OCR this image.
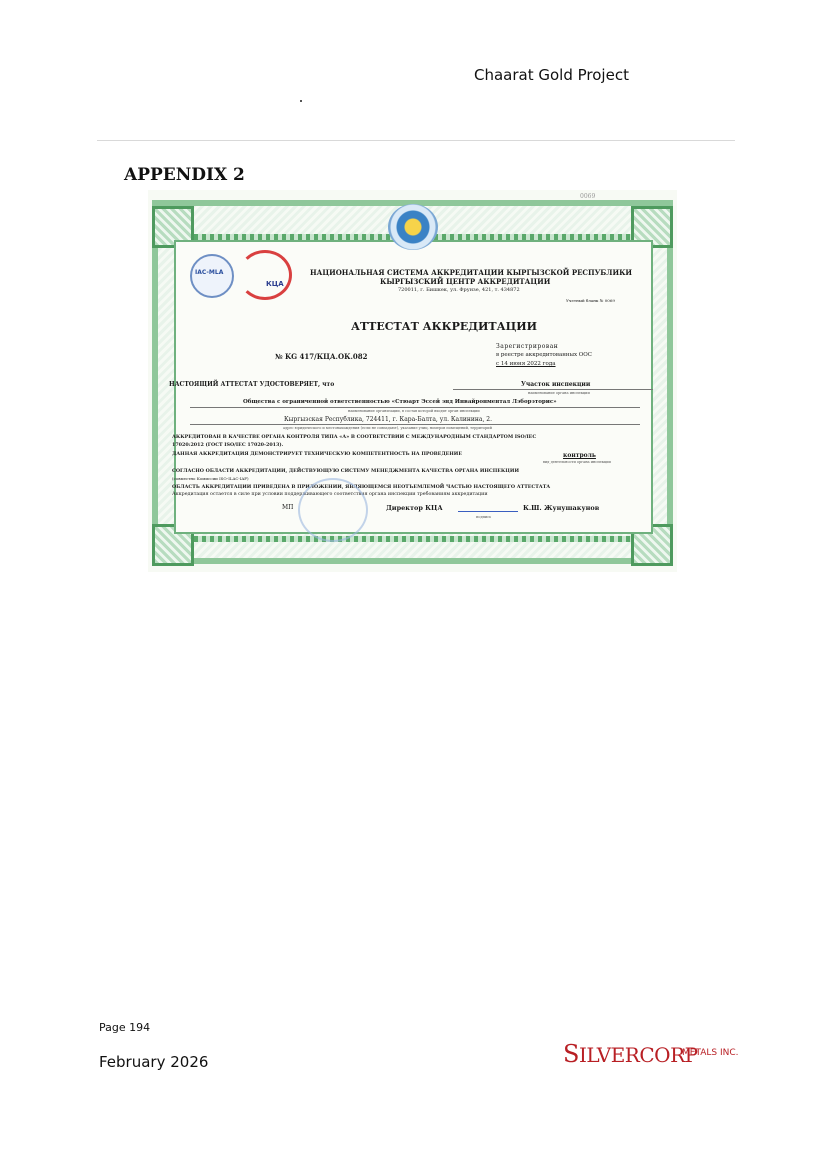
Chaarat Gold Project
APPENDIX 2
0069
IAC-MLA
КЦА
НАЦИОНАЛЬНАЯ СИСТЕМА АККРЕДИТАЦИИ КЫРГЫЗСКОЙ РЕСПУБЛИКИ
КЫРГЫЗСКИЙ ЦЕНТР АККРЕДИТАЦИИ
720011, г. Бишкек, ул. Фрунзе, 421, т. 434872
Учетный бланк № 0069
АТТЕСТАТ АККРЕДИТАЦИИ
№ KG 417/КЦА.ОК.082
Зарегистрирован
в реестре аккредитованных ООС
с 14 июня 2022 года
НАСТОЯЩИЙ АТТЕСТАТ УДОСТОВЕРЯЕТ, что	Участок инспекции
наименование органа инспекции
Общества с ограниченной ответственностью «Стюарт Эссей энд Инвайронментал Лэборэторис»
наименование организации, в состав которой входит орган инспекции
Кыргызская Республика, 724411, г. Кара-Балта, ул. Калинина, 2.
адрес юридического и местонахождения (если не совпадают), указание улиц, номеров помещений, территорий
АККРЕДИТОВАН В КАЧЕСТВЕ ОРГАНА КОНТРОЛЯ ТИПА «А» В СООТВЕТСТВИИ С МЕЖДУНАРОДНЫМ СТАНДАРТОМ ISO/IEC
17020:2012 (ГОСТ ISO/IEC 17020-2013).
ДАННАЯ АККРЕДИТАЦИЯ ДЕМОНСТРИРУЕТ ТЕХНИЧЕСКУЮ КОМПЕТЕНТНОСТЬ НА ПРОВЕДЕНИЕ	контроль
вид деятельности органа инспекции
СОГЛАСНО ОБЛАСТИ АККРЕДИТАЦИИ, ДЕЙСТВУЮЩУЮ СИСТЕМУ МЕНЕДЖМЕНТА КАЧЕСТВА ОРГАНА ИНСПЕКЦИИ
(совместно Комиссии ISO-ILAC-IAF)
ОБЛАСТЬ АККРЕДИТАЦИИ ПРИВЕДЕНА В ПРИЛОЖЕНИИ, ЯВЛЯЮЩЕМСЯ НЕОТЪЕМЛЕМОЙ ЧАСТЬЮ НАСТОЯЩЕГО АТТЕСТАТА
Аккредитация остается в силе при условии поддерживающего соответствия органа инспекции требованиям аккредитации
МП	Директор КЦА
подпись
К.Ш. Жунушакунов
Page 194
February 2026	SILVERCORP
METALS INC.
